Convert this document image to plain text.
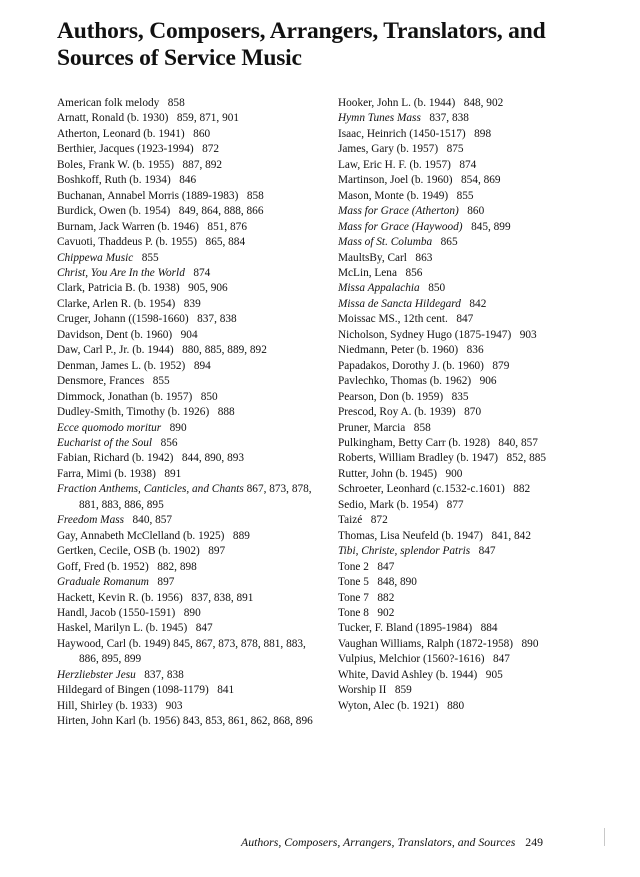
Authors, Composers, Arrangers, Translators, and Sources of Service Music
American folk melody 858
Arnatt, Ronald (b. 1930) 859, 871, 901
Atherton, Leonard (b. 1941) 860
Berthier, Jacques (1923-1994) 872
Boles, Frank W. (b. 1955) 887, 892
Boshkoff, Ruth (b. 1934) 846
Buchanan, Annabel Morris (1889-1983) 858
Burdick, Owen (b. 1954) 849, 864, 888, 866
Burnam, Jack Warren (b. 1946) 851, 876
Cavuoti, Thaddeus P. (b. 1955) 865, 884
Chippewa Music 855
Christ, You Are In the World 874
Clark, Patricia B. (b. 1938) 905, 906
Clarke, Arlen R. (b. 1954) 839
Cruger, Johann ((1598-1660) 837, 838
Davidson, Dent (b. 1960) 904
Daw, Carl P., Jr. (b. 1944) 880, 885, 889, 892
Denman, James L. (b. 1952) 894
Densmore, Frances 855
Dimmock, Jonathan (b. 1957) 850
Dudley-Smith, Timothy (b. 1926) 888
Ecce quomodo moritur 890
Eucharist of the Soul 856
Fabian, Richard (b. 1942) 844, 890, 893
Farra, Mimi (b. 1938) 891
Fraction Anthems, Canticles, and Chants 867, 873, 878, 881, 883, 886, 895
Freedom Mass 840, 857
Gay, Annabeth McClelland (b. 1925) 889
Gertken, Cecile, OSB (b. 1902) 897
Goff, Fred (b. 1952) 882, 898
Graduale Romanum 897
Hackett, Kevin R. (b. 1956) 837, 838, 891
Handl, Jacob (1550-1591) 890
Haskel, Marilyn L. (b. 1945) 847
Haywood, Carl (b. 1949) 845, 867, 873, 878, 881, 883, 886, 895, 899
Herzliebster Jesu 837, 838
Hildegard of Bingen (1098-1179) 841
Hill, Shirley (b. 1933) 903
Hirten, John Karl (b. 1956) 843, 853, 861, 862, 868, 896
Hooker, John L. (b. 1944) 848, 902
Hymn Tunes Mass 837, 838
Isaac, Heinrich (1450-1517) 898
James, Gary (b. 1957) 875
Law, Eric H. F. (b. 1957) 874
Martinson, Joel (b. 1960) 854, 869
Mason, Monte (b. 1949) 855
Mass for Grace (Atherton) 860
Mass for Grace (Haywood) 845, 899
Mass of St. Columba 865
MaultsBy, Carl 863
McLin, Lena 856
Missa Appalachia 850
Missa de Sancta Hildegard 842
Moissac MS., 12th cent. 847
Nicholson, Sydney Hugo (1875-1947) 903
Niedmann, Peter (b. 1960) 836
Papadakos, Dorothy J. (b. 1960) 879
Pavlechko, Thomas (b. 1962) 906
Pearson, Don (b. 1959) 835
Prescod, Roy A. (b. 1939) 870
Pruner, Marcia 858
Pulkingham, Betty Carr (b. 1928) 840, 857
Roberts, William Bradley (b. 1947) 852, 885
Rutter, John (b. 1945) 900
Schroeter, Leonhard (c.1532-c.1601) 882
Sedio, Mark (b. 1954) 877
Taizé 872
Thomas, Lisa Neufeld (b. 1947) 841, 842
Tibi, Christe, splendor Patris 847
Tone 2 847
Tone 5 848, 890
Tone 7 882
Tone 8 902
Tucker, F. Bland (1895-1984) 884
Vaughan Williams, Ralph (1872-1958) 890
Vulpius, Melchior (1560?-1616) 847
White, David Ashley (b. 1944) 905
Worship II 859
Wyton, Alec (b. 1921) 880

Authors, Composers, Arrangers, Translators, and Sources 249
